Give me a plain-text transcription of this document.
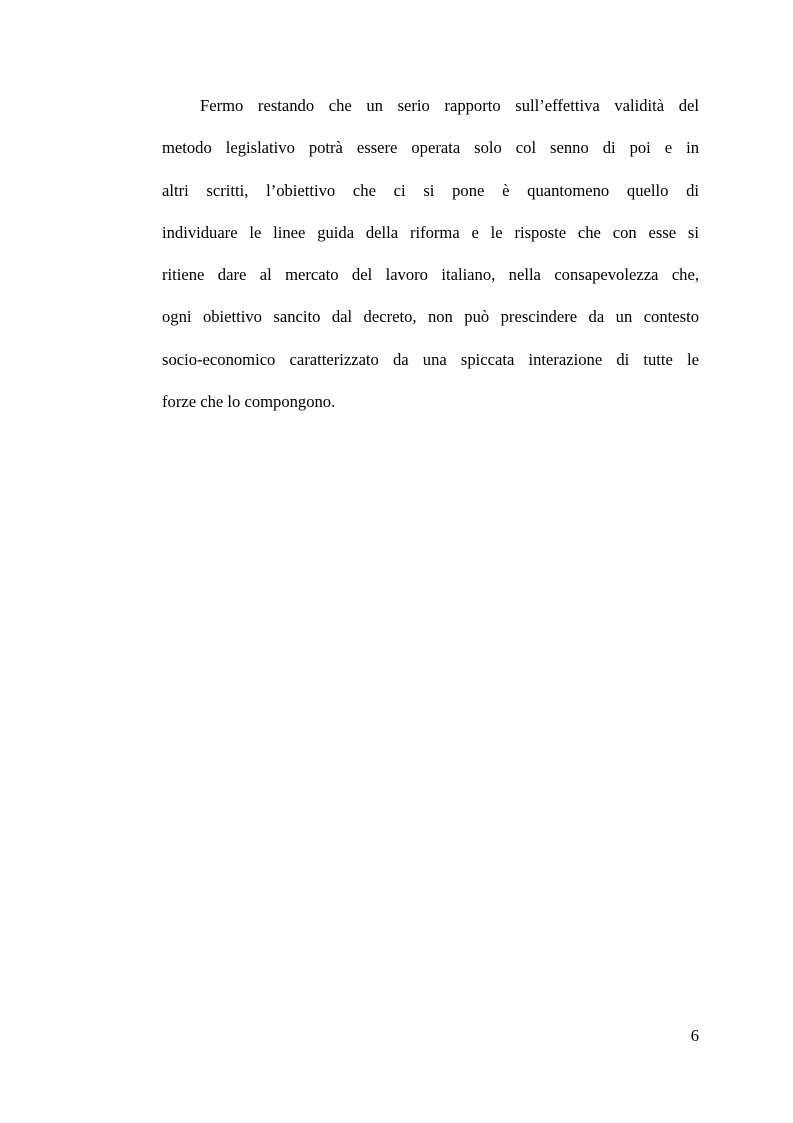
Fermo restando che un serio rapporto sull’effettiva validità del
metodo legislativo potrà essere operata solo col senno di poi e in
altri scritti, l’obiettivo che ci si pone è quantomeno quello di
individuare le linee guida della riforma e le risposte che con esse si
ritiene dare al mercato del lavoro italiano, nella consapevolezza che,
ogni obiettivo sancito dal decreto, non può prescindere da un contesto
socio-economico caratterizzato da una spiccata interazione di tutte le
forze che lo compongono.
6
